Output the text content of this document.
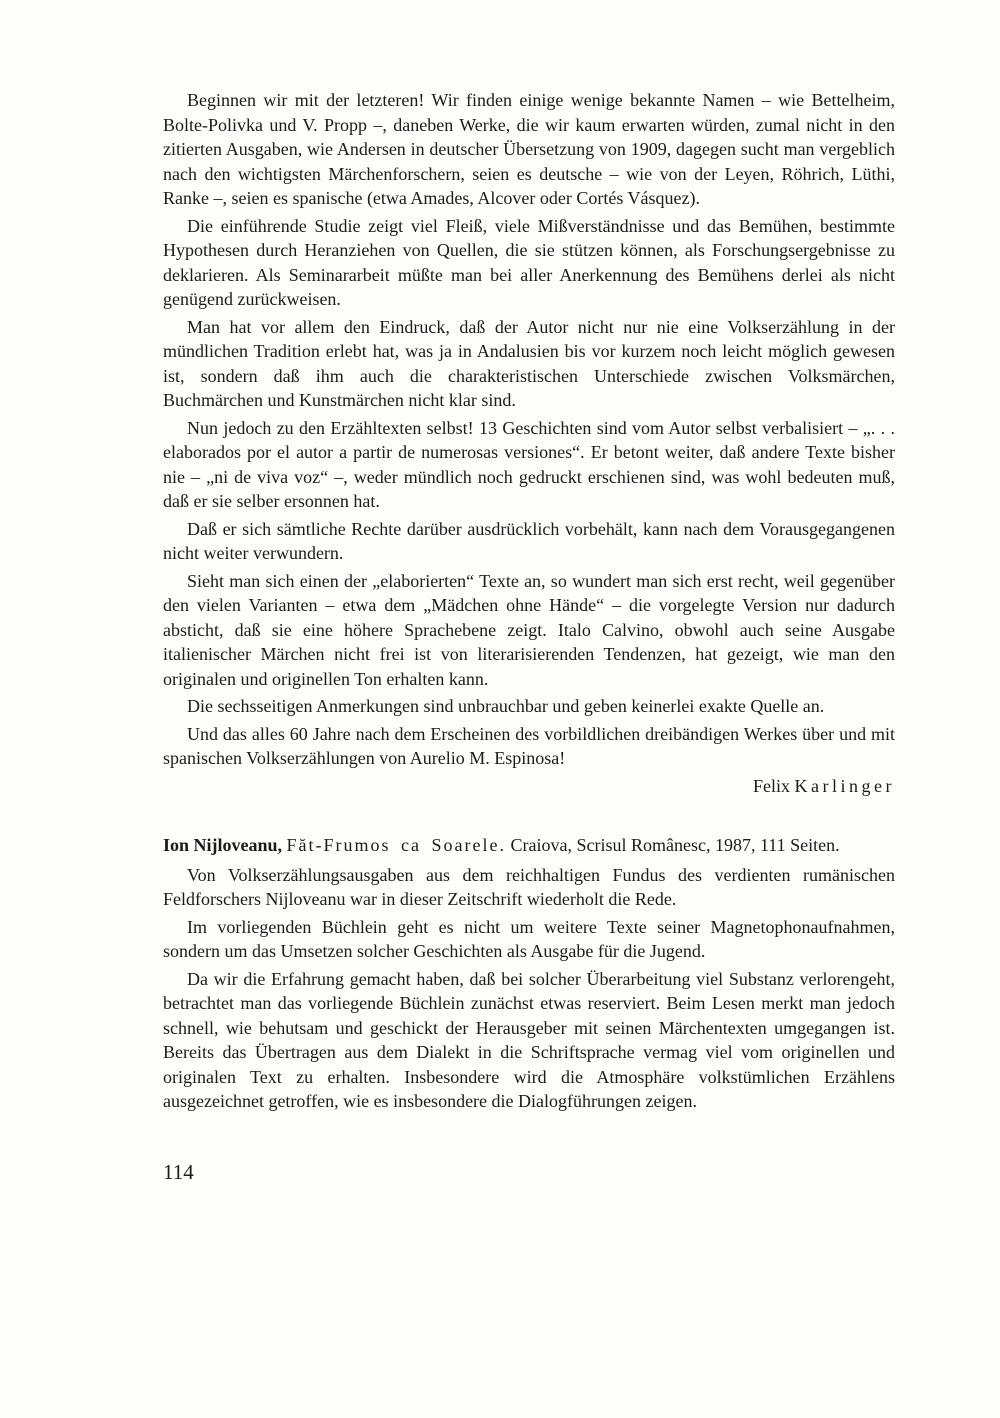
Beginnen wir mit der letzteren! Wir finden einige wenige bekannte Namen – wie Bettelheim, Bolte-Polivka und V. Propp –, daneben Werke, die wir kaum erwarten würden, zumal nicht in den zitierten Ausgaben, wie Andersen in deutscher Übersetzung von 1909, dagegen sucht man vergeblich nach den wichtigsten Märchenforschern, seien es deutsche – wie von der Leyen, Röhrich, Lüthi, Ranke –, seien es spanische (etwa Amades, Alcover oder Cortés Vásquez).

Die einführende Studie zeigt viel Fleiß, viele Mißverständnisse und das Bemühen, bestimmte Hypothesen durch Heranziehen von Quellen, die sie stützen können, als Forschungsergebnisse zu deklarieren. Als Seminararbeit müßte man bei aller Anerkennung des Bemühens derlei als nicht genügend zurückweisen.

Man hat vor allem den Eindruck, daß der Autor nicht nur nie eine Volkserzählung in der mündlichen Tradition erlebt hat, was ja in Andalusien bis vor kurzem noch leicht möglich gewesen ist, sondern daß ihm auch die charakteristischen Unterschiede zwischen Volksmärchen, Buchmärchen und Kunstmärchen nicht klar sind.

Nun jedoch zu den Erzähltexten selbst! 13 Geschichten sind vom Autor selbst verbalisiert – „. . . elaborados por el autor a partir de numerosas versiones“. Er betont weiter, daß andere Texte bisher nie – „ni de viva voz“ –, weder mündlich noch gedruckt erschienen sind, was wohl bedeuten muß, daß er sie selber ersonnen hat.

Daß er sich sämtliche Rechte darüber ausdrücklich vorbehält, kann nach dem Vorausgegangenen nicht weiter verwundern.

Sieht man sich einen der „elaborierten“ Texte an, so wundert man sich erst recht, weil gegenüber den vielen Varianten – etwa dem „Mädchen ohne Hände“ – die vorgelegte Version nur dadurch absticht, daß sie eine höhere Sprachebene zeigt. Italo Calvino, obwohl auch seine Ausgabe italienischer Märchen nicht frei ist von literarisierenden Tendenzen, hat gezeigt, wie man den originalen und originellen Ton erhalten kann.

Die sechsseitigen Anmerkungen sind unbrauchbar und geben keinerlei exakte Quelle an.

Und das alles 60 Jahre nach dem Erscheinen des vorbildlichen dreibändigen Werkes über und mit spanischen Volkserzählungen von Aurelio M. Espinosa!

Felix Karlinger

Ion Nijloveanu, Făt-Frumos ca Soarele. Craiova, Scrisul Românesc, 1987, 111 Seiten.

Von Volkserzählungsausgaben aus dem reichhaltigen Fundus des verdienten rumänischen Feldforschers Nijloveanu war in dieser Zeitschrift wiederholt die Rede.

Im vorliegenden Büchlein geht es nicht um weitere Texte seiner Magnetophonaufnahmen, sondern um das Umsetzen solcher Geschichten als Ausgabe für die Jugend.

Da wir die Erfahrung gemacht haben, daß bei solcher Überarbeitung viel Substanz verlorengeht, betrachtet man das vorliegende Büchlein zunächst etwas reserviert. Beim Lesen merkt man jedoch schnell, wie behutsam und geschickt der Herausgeber mit seinen Märchentexten umgegangen ist. Bereits das Übertragen aus dem Dialekt in die Schriftsprache vermag viel vom originellen und originalen Text zu erhalten. Insbesondere wird die Atmosphäre volkstümlichen Erzählens ausgezeichnet getroffen, wie es insbesondere die Dialogführungen zeigen.

114
